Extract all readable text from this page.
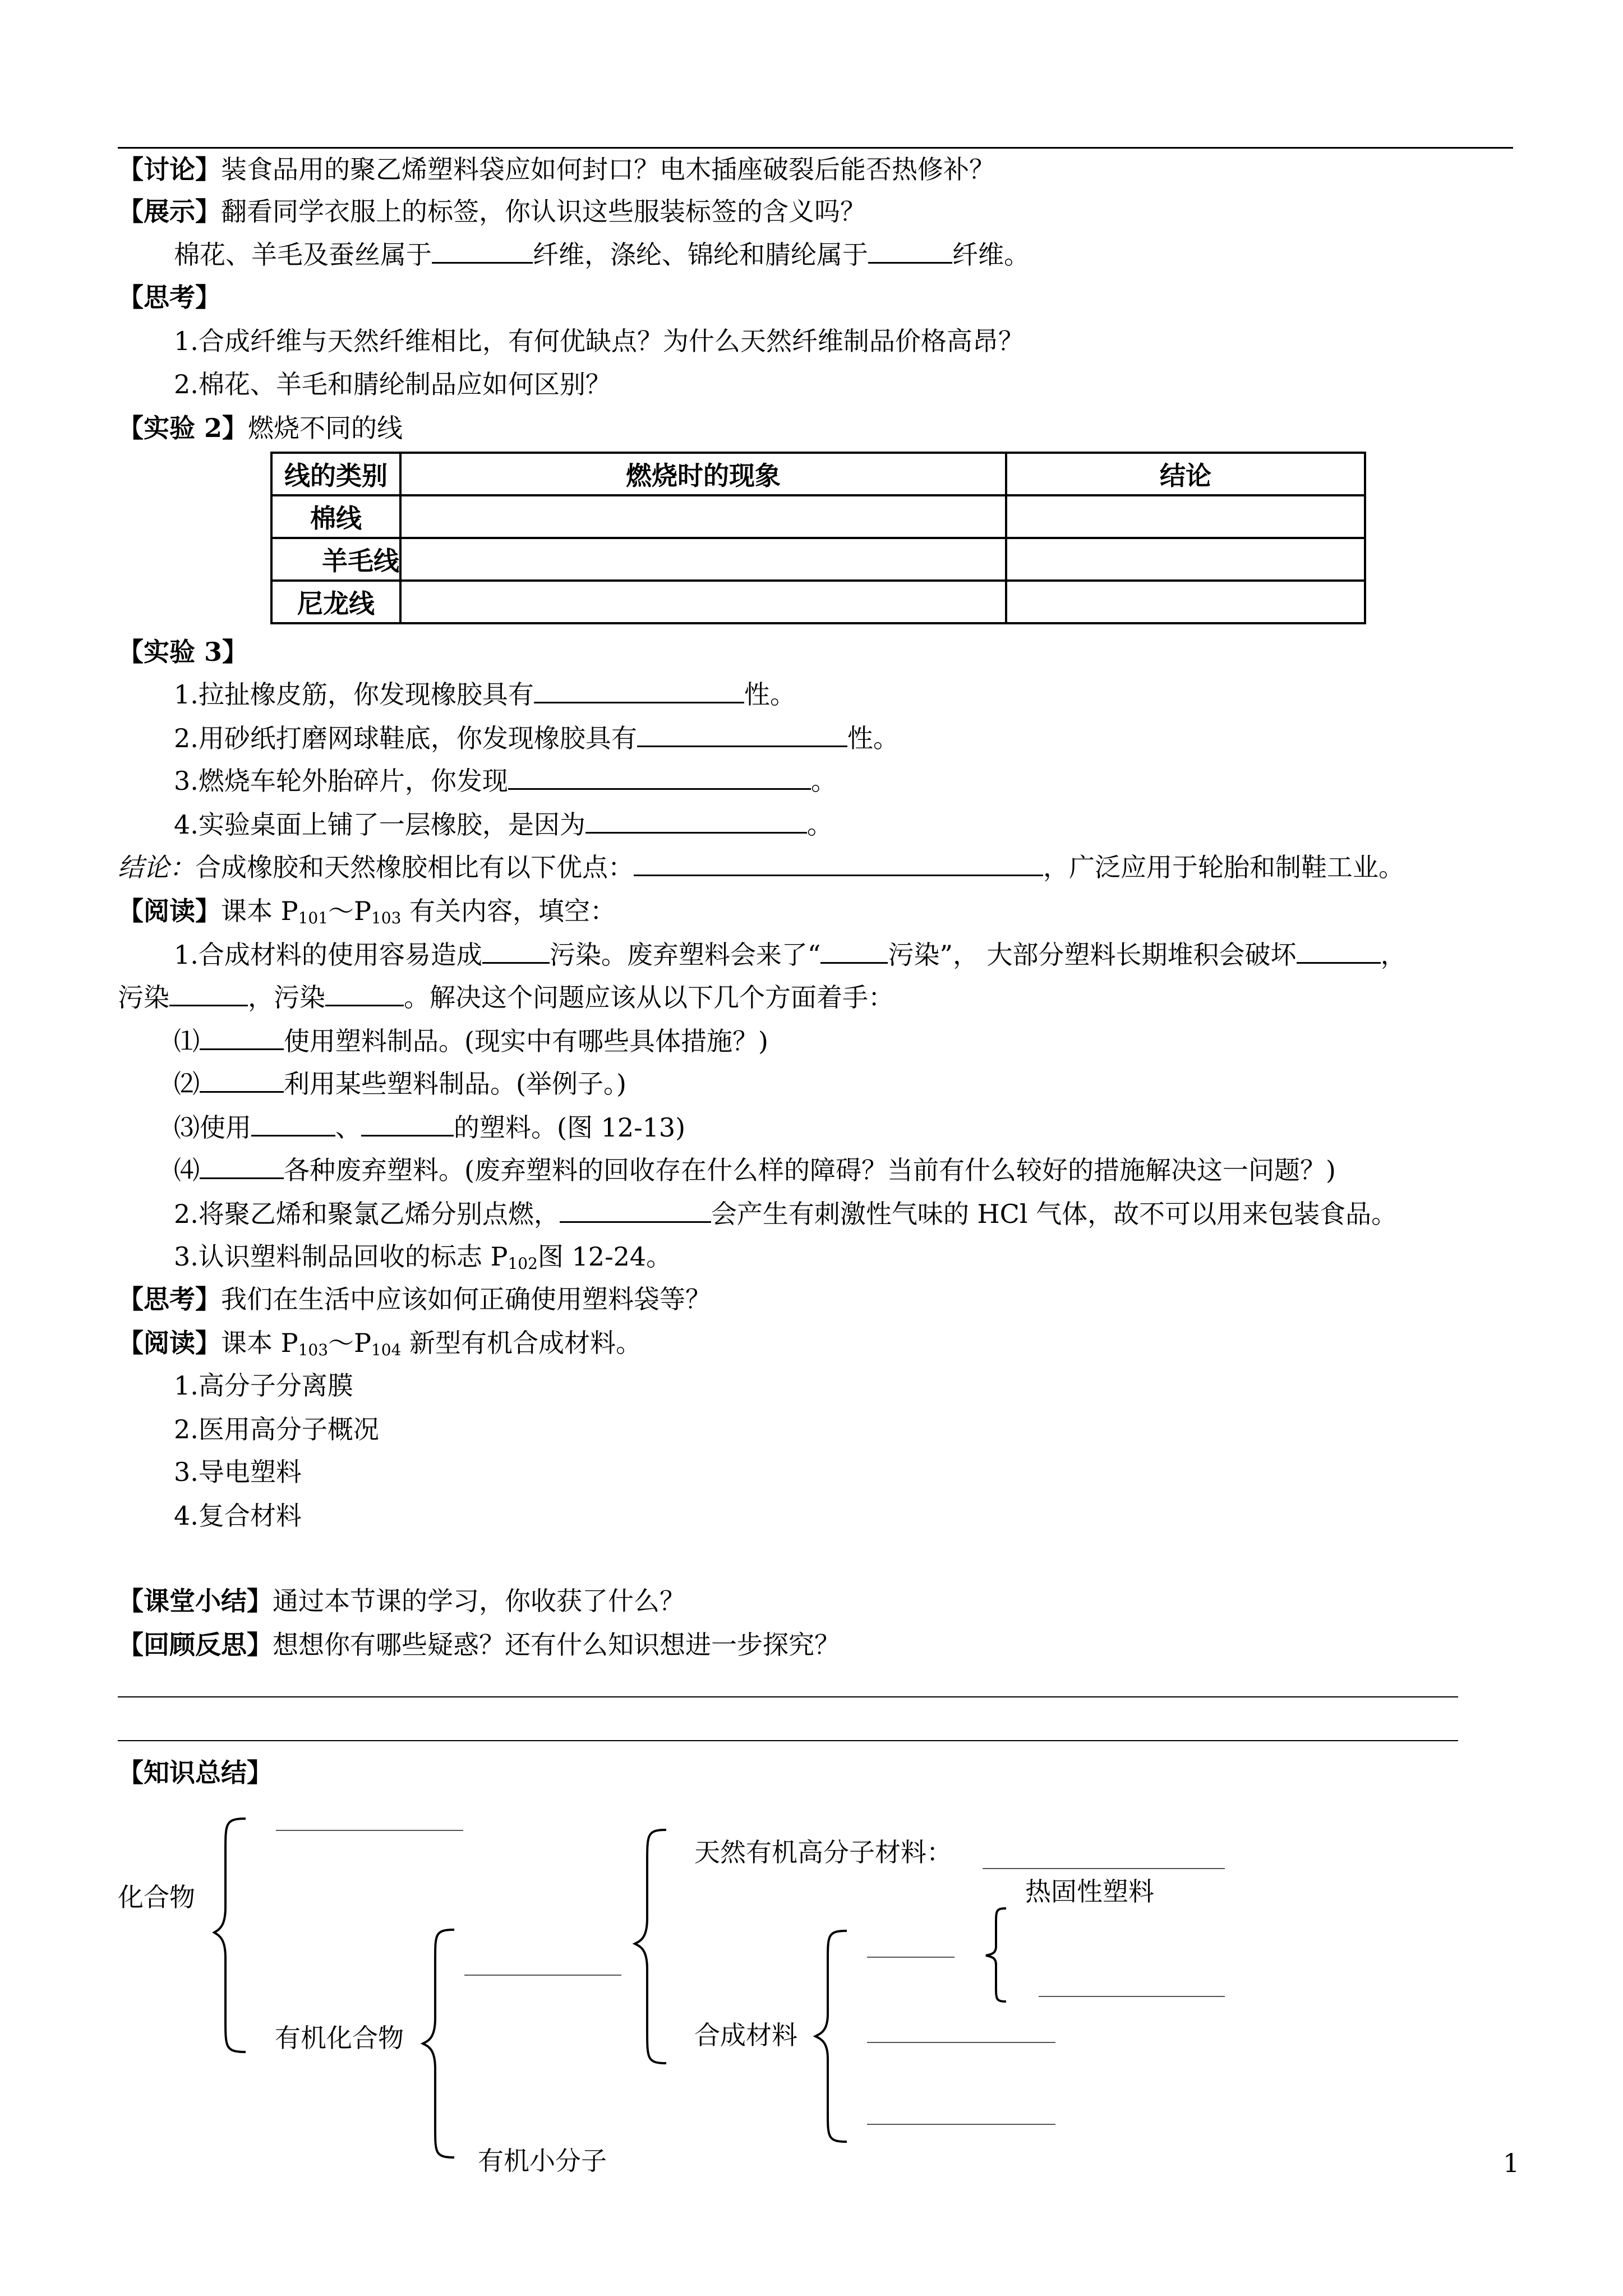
【讨论】装食品用的聚乙烯塑料袋应如何封口？电木插座破裂后能否热修补？
【展示】翻看同学衣服上的标签，你认识这些服装标签的含义吗？
棉花、羊毛及蚕丝属于	纤维，涤纶、锦纶和腈纶属于	纤维。
【思考】
1.合成纤维与天然纤维相比，有何优缺点？为什么天然纤维制品价格高昂？
2.棉花、羊毛和腈纶制品应如何区别？
【实验 2】燃烧不同的线
线的类别	燃烧时的现象	结论
棉线		
羊毛线		
尼龙线		
【实验 3】
1.拉扯橡皮筋，你发现橡胶具有	性。
2.用砂纸打磨网球鞋底，你发现橡胶具有	性。
3.燃烧车轮外胎碎片，你发现	。
4.实验桌面上铺了一层橡胶，是因为	。
结论：合成橡胶和天然橡胶相比有以下优点：	，广泛应用于轮胎和制鞋工业。
【阅读】课本 $P_{101}\sim P_{103}$ 有关内容，填空：
1.合成材料的使用容易造成	污染。废弃塑料会来了“	污染”， 大部分塑料长期堆积会破坏	，
污染	，污染	。解决这个问题应该从以下几个方面着手：
⑴	使用塑料制品。(现实中有哪些具体措施？)
⑵	利用某些塑料制品。(举例子。)
⑶使用	、	的塑料。(图 12-13)
⑷	各种废弃塑料。(废弃塑料的回收存在什么样的障碍？当前有什么较好的措施解决这一问题？)
2.将聚乙烯和聚氯乙烯分别点燃，	会产生有刺激性气味的 HCl 气体，故不可以用来包装食品。
3.认识塑料制品回收的标志 $P_{102}$图 12-24。
【思考】我们在生活中应该如何正确使用塑料袋等？
【阅读】课本 $P_{103}\sim P_{104}$ 新型有机合成材料。
1.高分子分离膜
2.医用高分子概况
3.导电塑料
4.复合材料
【课堂小结】通过本节课的学习，你收获了什么？
【回顾反思】想想你有哪些疑惑？还有什么知识想进一步探究？
【知识总结】
化合物
有机化合物
有机小分子
天然有机高分子材料：
合成材料
热固性塑料
1
